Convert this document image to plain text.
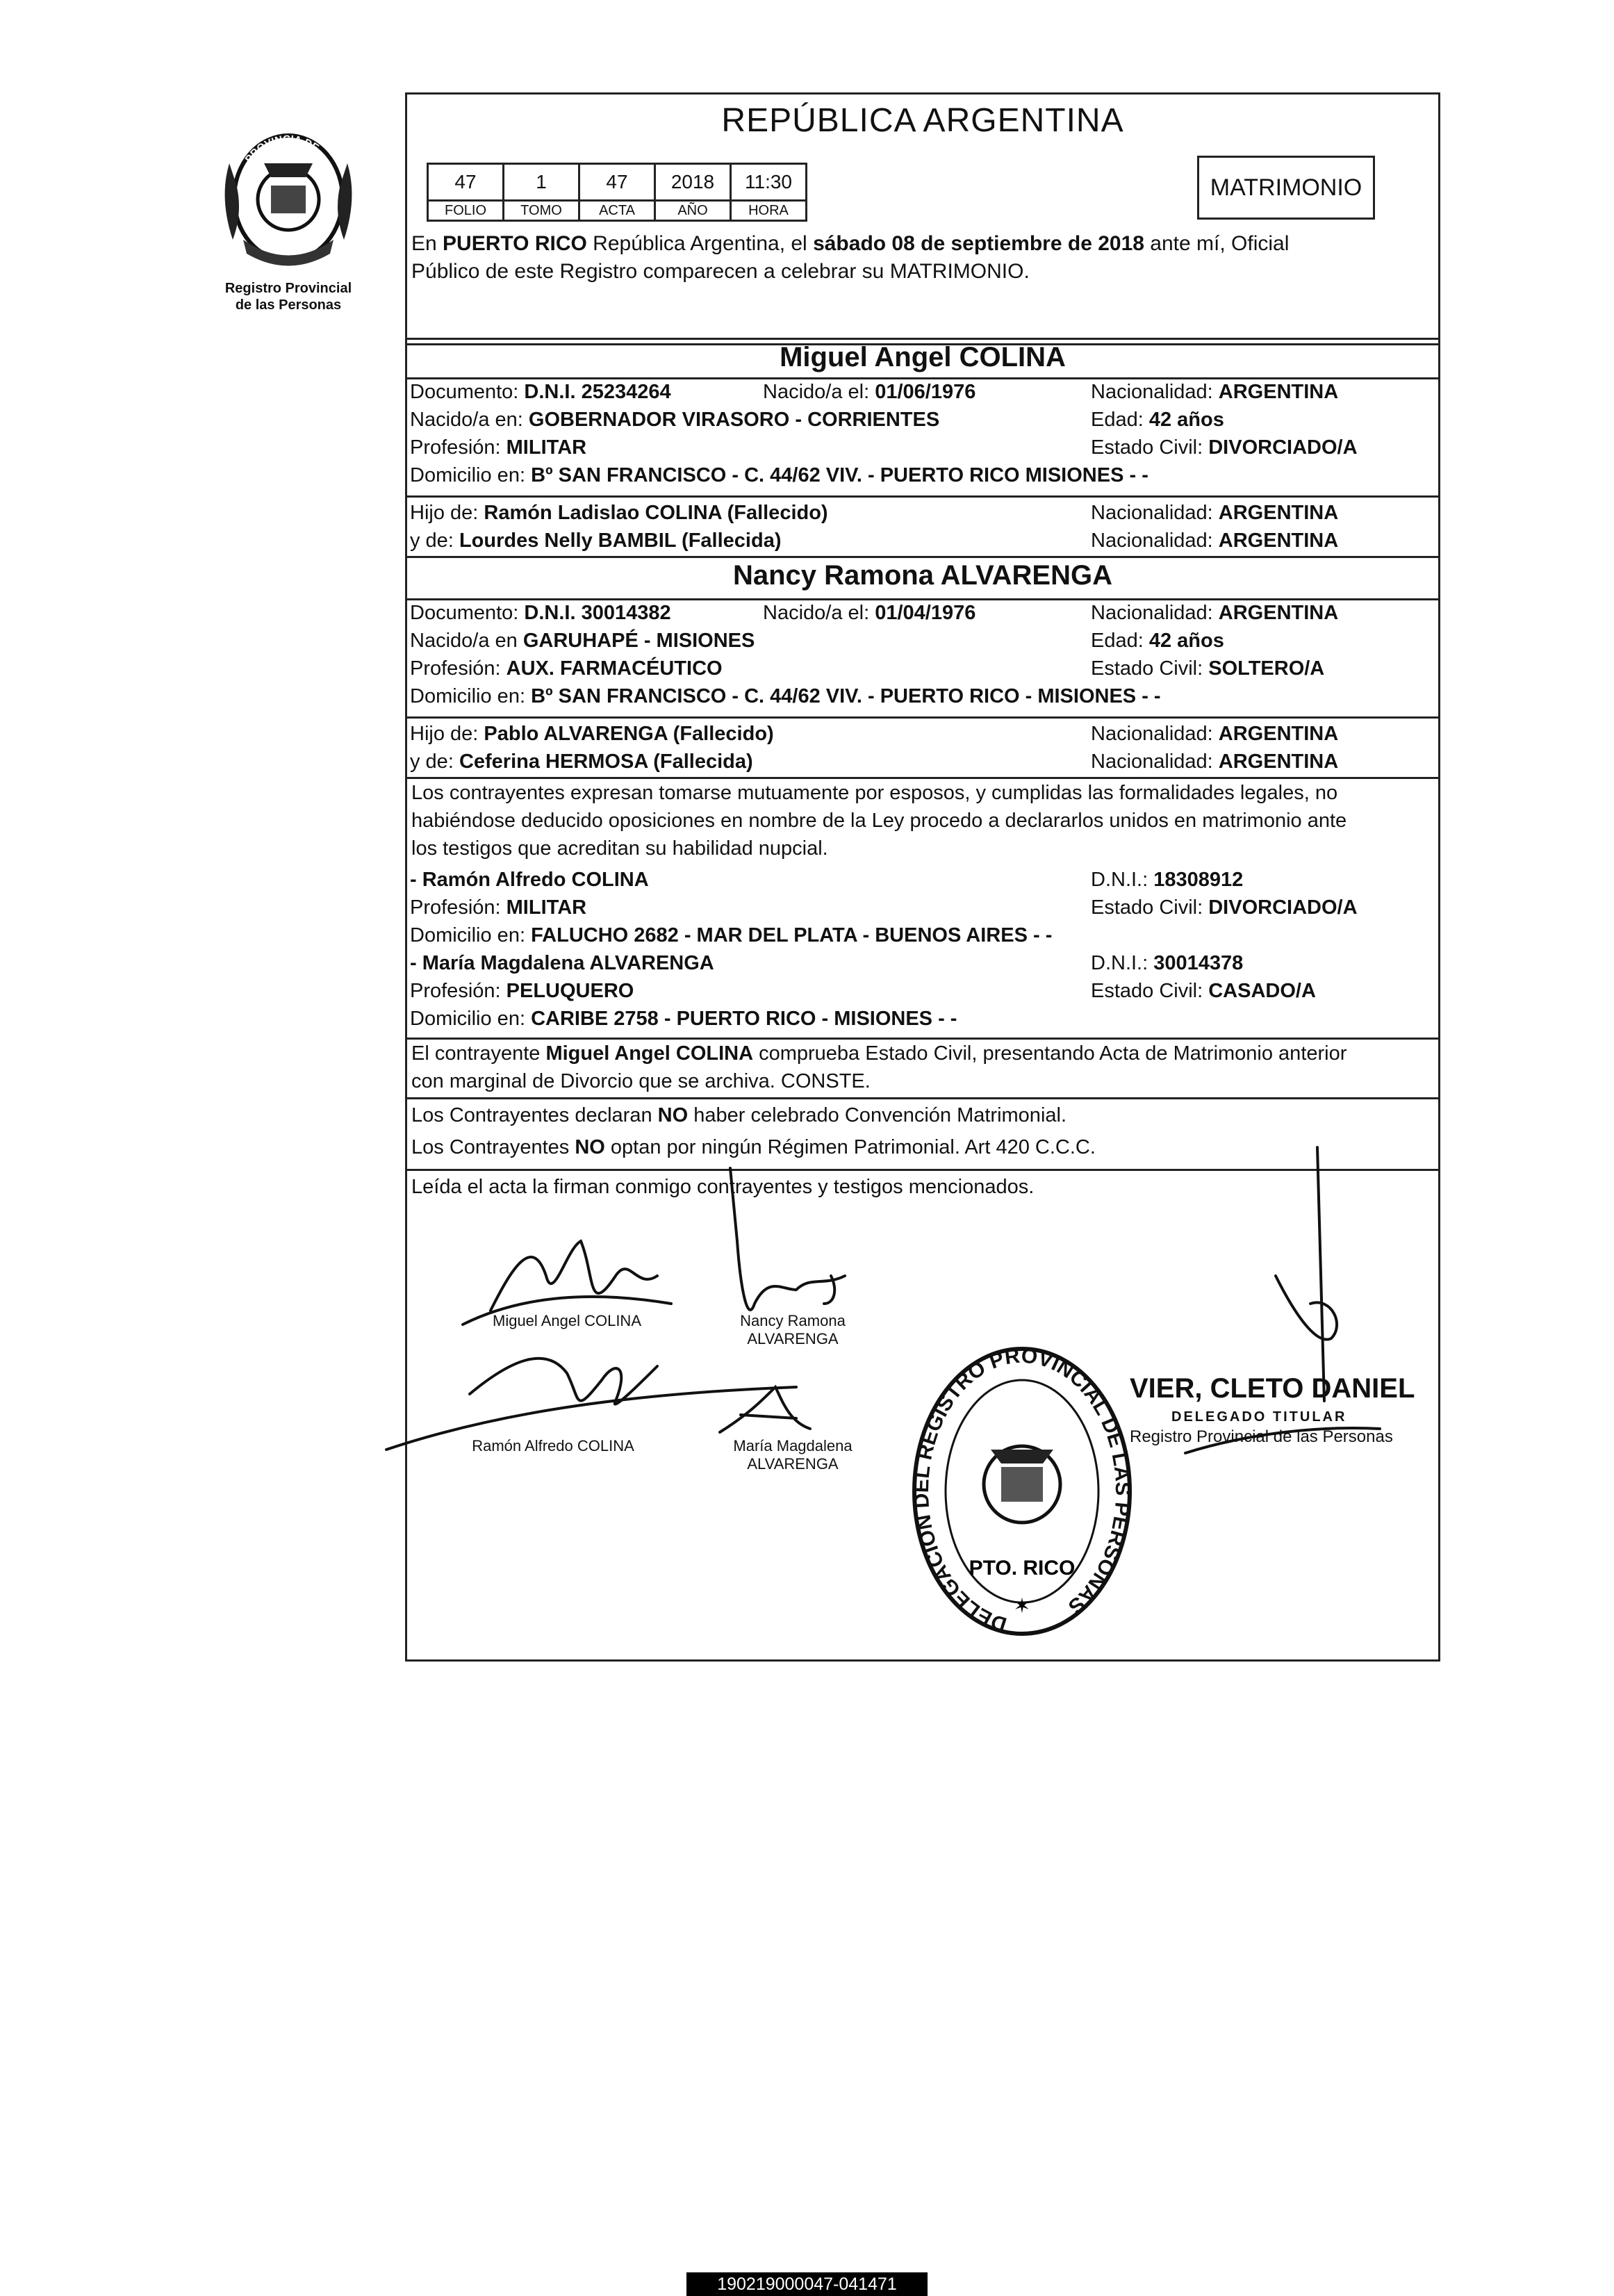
PROVINCIA DE
MISIONES
Registro Provincial
de las Personas
REPÚBLICA ARGENTINA
47	1	47	2018	11:30
FOLIO	TOMO	ACTA	AÑO	HORA
MATRIMONIO
En PUERTO RICO República Argentina, el sábado 08 de septiembre de 2018 ante mí, Oficial
Público de este Registro comparecen a celebrar su MATRIMONIO.
Miguel Angel COLINA
Documento: D.N.I. 25234264	Nacido/a el: 01/06/1976	Nacionalidad: ARGENTINA
Nacido/a en: GOBERNADOR VIRASORO - CORRIENTES	Edad: 42 años
Profesión: MILITAR	Estado Civil: DIVORCIADO/A
Domicilio en: Bº SAN FRANCISCO - C. 44/62 VIV. - PUERTO RICO MISIONES - -
Hijo de: Ramón Ladislao COLINA (Fallecido)	Nacionalidad: ARGENTINA
y de: Lourdes Nelly BAMBIL (Fallecida)	Nacionalidad: ARGENTINA
Nancy Ramona ALVARENGA
Documento: D.N.I. 30014382	Nacido/a el: 01/04/1976	Nacionalidad: ARGENTINA
Nacido/a en GARUHAPÉ - MISIONES	Edad: 42 años
Profesión: AUX. FARMACÉUTICO	Estado Civil: SOLTERO/A
Domicilio en: Bº SAN FRANCISCO - C. 44/62 VIV. - PUERTO RICO - MISIONES - -
Hijo de: Pablo ALVARENGA (Fallecido)	Nacionalidad: ARGENTINA
y de: Ceferina HERMOSA (Fallecida)	Nacionalidad: ARGENTINA
Los contrayentes expresan tomarse mutuamente por esposos, y cumplidas las formalidades legales, no
habiéndose deducido oposiciones en nombre de la Ley procedo a declararlos unidos en matrimonio ante
los testigos que acreditan su habilidad nupcial.
- Ramón Alfredo COLINA	D.N.I.: 18308912
Profesión: MILITAR	Estado Civil: DIVORCIADO/A
Domicilio en: FALUCHO 2682 - MAR DEL PLATA - BUENOS AIRES - -
- María Magdalena ALVARENGA	D.N.I.: 30014378
Profesión: PELUQUERO	Estado Civil: CASADO/A
Domicilio en: CARIBE 2758 - PUERTO RICO - MISIONES - -
El contrayente Miguel Angel COLINA comprueba Estado Civil, presentando Acta de Matrimonio anterior
con marginal de Divorcio que se archiva. CONSTE.
Los Contrayentes declaran NO haber celebrado Convención Matrimonial.
Los Contrayentes NO optan por ningún Régimen Patrimonial. Art 420 C.C.C.
Leída el acta la firman conmigo contrayentes y testigos mencionados.
Miguel Angel COLINA	Nancy Ramona
ALVARENGA
Ramón Alfredo COLINA	María Magdalena
ALVARENGA
VIER, CLETO DANIEL
DELEGADO TITULAR
Registro Provincial de las Personas
DELEGACION DEL REGISTRO PROVINCIAL DE LAS PERSONAS
PTO. RICO
✶
190219000047-041471
